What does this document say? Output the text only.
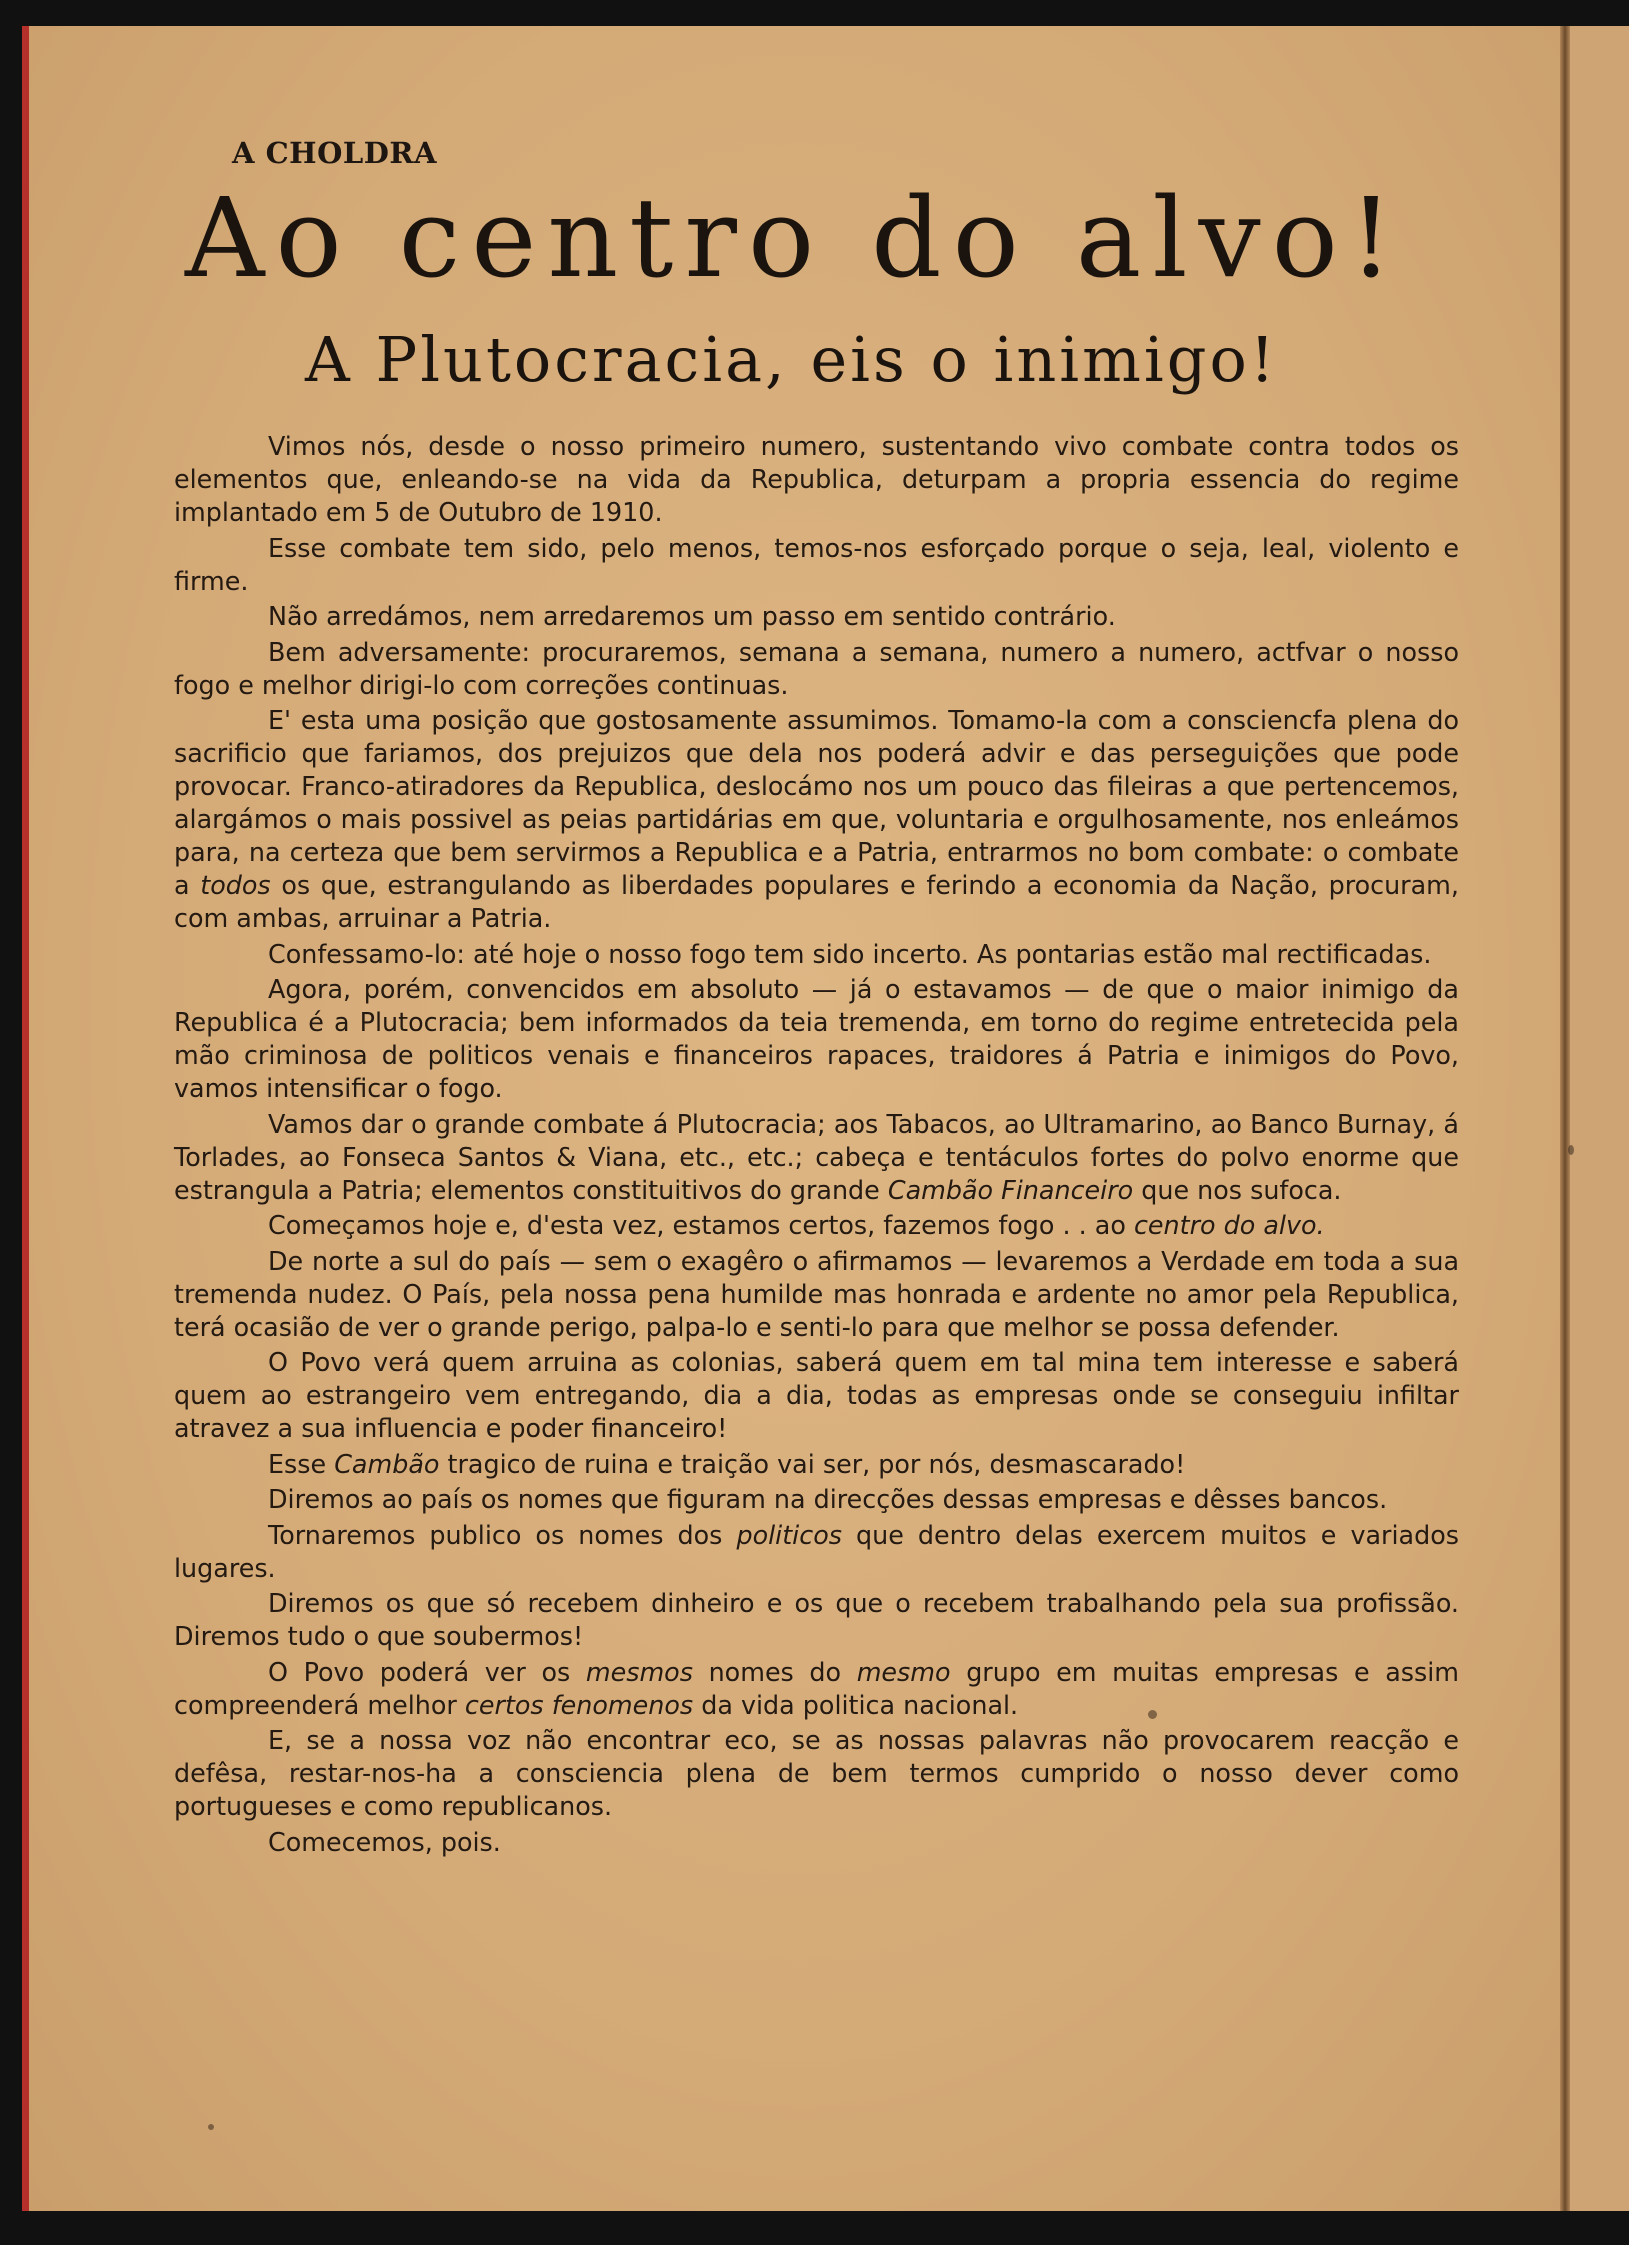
A CHOLDRA
Ao centro do alvo!
A Plutocracia, eis o inimigo!

Vimos nós, desde o nosso primeiro numero, sustentando vivo combate contra todos os elementos que, enleando-se na vida da Republica, deturpam a propria essencia do regime implantado em 5 de Outubro de 1910.

Esse combate tem sido, pelo menos, temos-nos esforçado porque o seja, leal, violento e firme.

Não arredámos, nem arredaremos um passo em sentido contrário.

Bem adversamente: procuraremos, semana a semana, numero a numero, actfvar o nosso fogo e melhor dirigi-lo com correções continuas.

E' esta uma posição que gostosamente assumimos. Tomamo-la com a consciencfa plena do sacrificio que fariamos, dos prejuizos que dela nos poderá advir e das perseguições que pode provocar. Franco-atiradores da Republica, deslocámo nos um pouco das fileiras a que pertencemos, alargámos o mais possivel as peias partidárias em que, voluntaria e orgulhosamente, nos enleámos para, na certeza que bem servirmos a Republica e a Patria, entrarmos no bom combate: o combate a todos os que, estrangulando as liberdades populares e ferindo a economia da Nação, procuram, com ambas, arruinar a Patria.

Confessamo-lo: até hoje o nosso fogo tem sido incerto. As pontarias estão mal rectificadas.

Agora, porém, convencidos em absoluto — já o estavamos — de que o maior inimigo da Republica é a Plutocracia; bem informados da teia tremenda, em torno do regime entretecida pela mão criminosa de politicos venais e financeiros rapaces, traidores á Patria e inimigos do Povo, vamos intensificar o fogo.

Vamos dar o grande combate á Plutocracia; aos Tabacos, ao Ultramarino, ao Banco Burnay, á Torlades, ao Fonseca Santos & Viana, etc., etc.; cabeça e tentáculos fortes do polvo enorme que estrangula a Patria; elementos constituitivos do grande Cambão Financeiro que nos sufoca.

Começamos hoje e, d'esta vez, estamos certos, fazemos fogo . . ao centro do alvo.

De norte a sul do país — sem o exagêro o afirmamos — levaremos a Verdade em toda a sua tremenda nudez. O País, pela nossa pena humilde mas honrada e ardente no amor pela Republica, terá ocasião de ver o grande perigo, palpa-lo e senti-lo para que melhor se possa defender.

O Povo verá quem arruina as colonias, saberá quem em tal mina tem interesse e saberá quem ao estrangeiro vem entregando, dia a dia, todas as empresas onde se conseguiu infiltar atravez a sua influencia e poder financeiro!

Esse Cambão tragico de ruina e traição vai ser, por nós, desmascarado!

Diremos ao país os nomes que figuram na direcções dessas empresas e dêsses bancos.

Tornaremos publico os nomes dos politicos que dentro delas exercem muitos e variados lugares.

Diremos os que só recebem dinheiro e os que o recebem trabalhando pela sua profissão. Diremos tudo o que soubermos!

O Povo poderá ver os mesmos nomes do mesmo grupo em muitas empresas e assim compreenderá melhor certos fenomenos da vida politica nacional.

E, se a nossa voz não encontrar eco, se as nossas palavras não provocarem reacção e defêsa, restar-nos-ha a consciencia plena de bem termos cumprido o nosso dever como portugueses e como republicanos.

Comecemos, pois.
